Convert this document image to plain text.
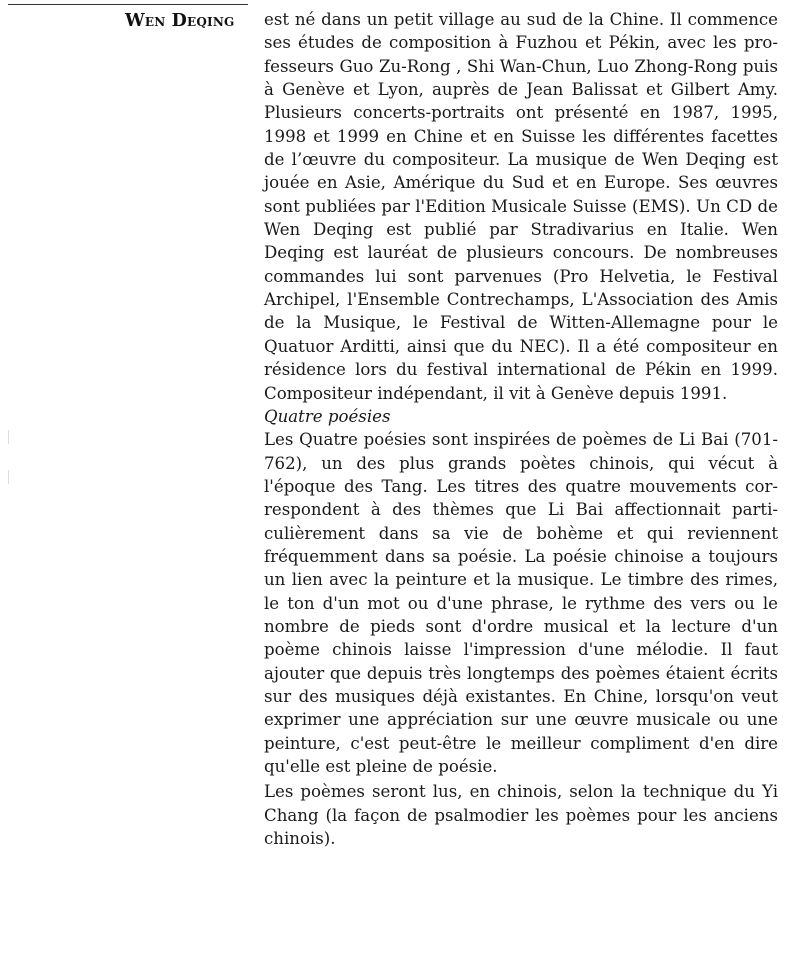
Wen Deqing	est né dans un petit village au sud de la Chine. Il commence ses études de composition à Fuzhou et Pékin, avec les professeurs Guo Zu-Rong , Shi Wan-Chun, Luo Zhong-Rong puis à Genève et Lyon, auprès de Jean Balissat et Gilbert Amy. Plusieurs concerts-portraits ont présenté en 1987, 1995, 1998 et 1999 en Chine et en Suisse les différentes facettes de l’œuvre du compositeur. La musique de Wen Deqing est jouée en Asie, Amérique du Sud et en Europe. Ses œuvres sont publiées par l'Edition Musicale Suisse (EMS). Un CD de Wen Deqing est publié par Stradivarius en Italie. Wen Deqing est lauréat de plusieurs concours. De nombreuses commandes lui sont parvenues (Pro Helvetia, le Festival Archipel, l'Ensemble Contrechamps, L'Association des Amis de la Musique, le Festival de Witten-Allemagne pour le Quatuor Arditti, ainsi que du NEC). Il a été compositeur en résidence lors du festival international de Pékin en 1999. Compositeur indépendant, il vit à Genève depuis 1991.

Quatre poésies

Les Quatre poésies sont inspirées de poèmes de Li Bai (701-762), un des plus grands poètes chinois, qui vécut à l'époque des Tang. Les titres des quatre mouvements correspondent à des thèmes que Li Bai affectionnait particulièrement dans sa vie de bohème et qui reviennent fréquemment dans sa poésie. La poésie chinoise a toujours un lien avec la peinture et la musique. Le timbre des rimes, le ton d'un mot ou d'une phrase, le rythme des vers ou le nombre de pieds sont d'ordre musical et la lecture d'un poème chinois laisse l'impression d'une mélodie. Il faut ajouter que depuis très longtemps des poèmes étaient écrits sur des musiques déjà existantes. En Chine, lorsqu'on veut exprimer une appréciation sur une œuvre musicale ou une peinture, c'est peut-être le meilleur compliment d'en dire qu'elle est pleine de poésie.

Les poèmes seront lus, en chinois, selon la technique du Yi Chang (la façon de psalmodier les poèmes pour les anciens chinois).
